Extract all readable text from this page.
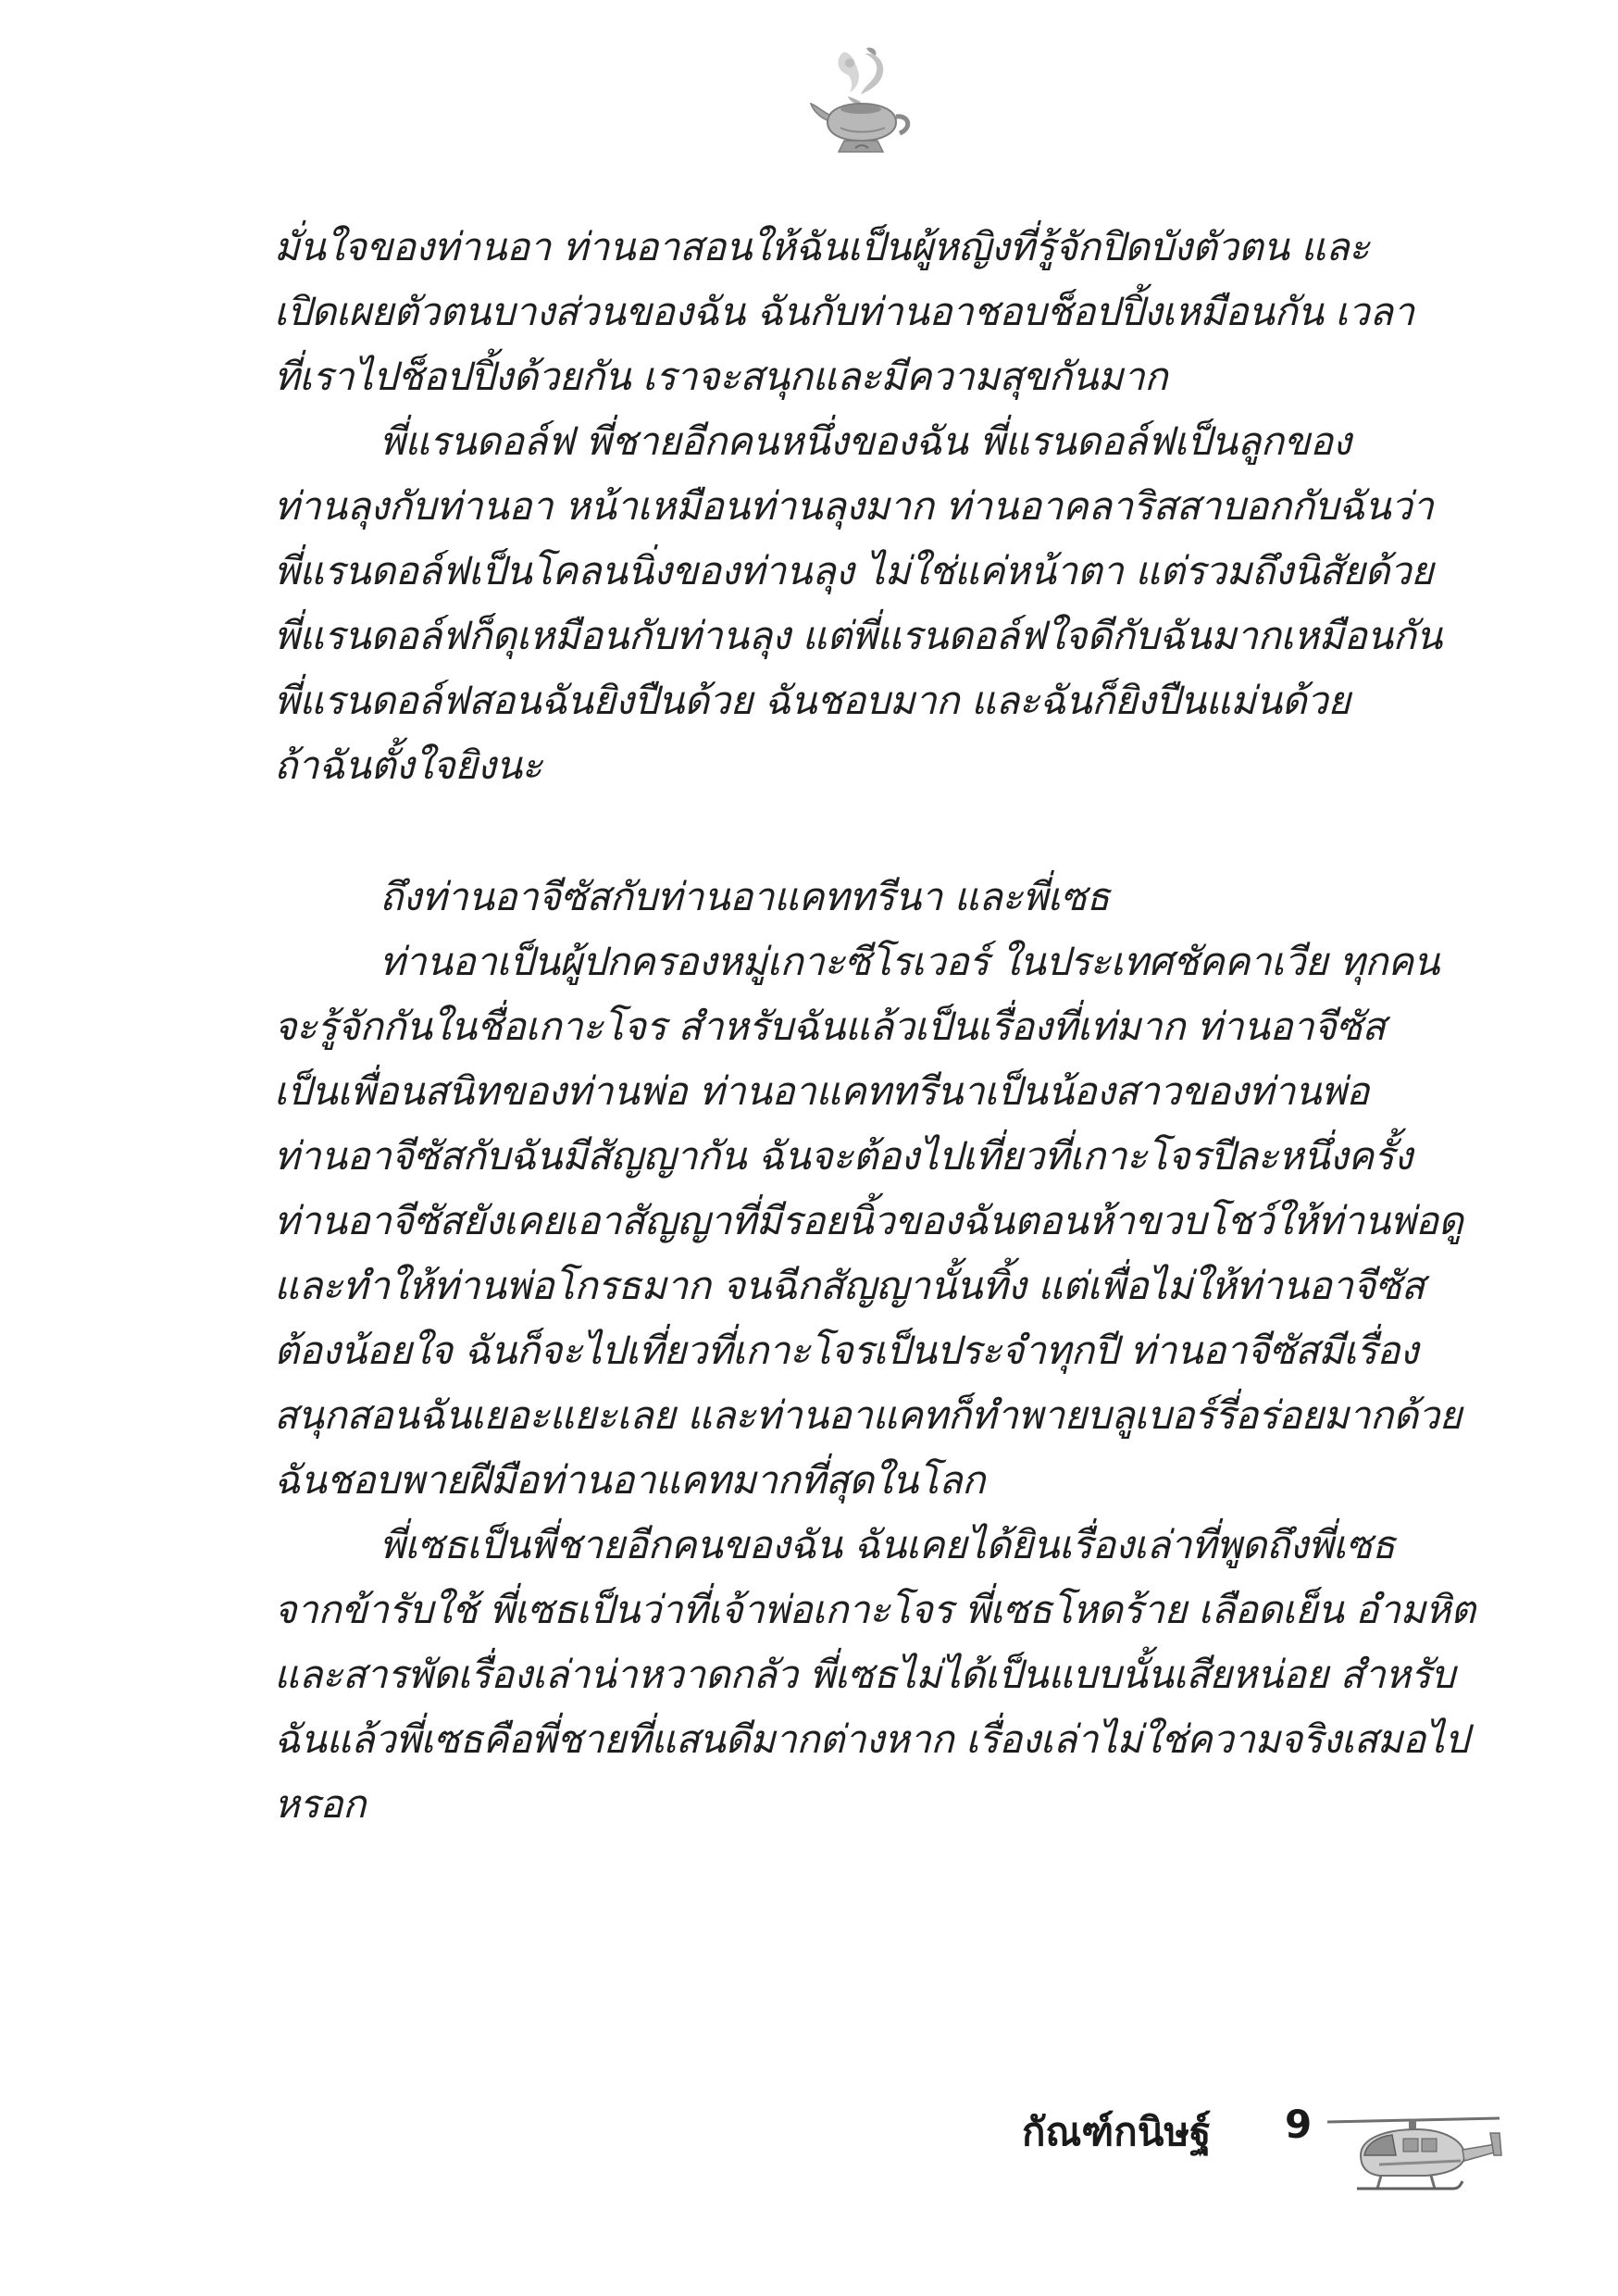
มั่นใจของท่านอา ท่านอาสอนให้ฉันเป็นผู้หญิงที่รู้จักปิดบังตัวตน และ
เปิดเผยตัวตนบางส่วนของฉัน ฉันกับท่านอาชอบช็อปปิ้งเหมือนกัน เวลา
ที่เราไปช็อปปิ้งด้วยกัน เราจะสนุกและมีความสุขกันมาก
พี่แรนดอล์ฟ พี่ชายอีกคนหนึ่งของฉัน พี่แรนดอล์ฟเป็นลูกของ
ท่านลุงกับท่านอา หน้าเหมือนท่านลุงมาก ท่านอาคลาริสสาบอกกับฉันว่า
พี่แรนดอล์ฟเป็นโคลนนิ่งของท่านลุง ไม่ใช่แค่หน้าตา แต่รวมถึงนิสัยด้วย
พี่แรนดอล์ฟก็ดุเหมือนกับท่านลุง แต่พี่แรนดอล์ฟใจดีกับฉันมากเหมือนกัน
พี่แรนดอล์ฟสอนฉันยิงปืนด้วย ฉันชอบมาก และฉันก็ยิงปืนแม่นด้วย
ถ้าฉันตั้งใจยิงนะ
ถึงท่านอาจีซัสกับท่านอาแคททรีนา และพี่เซธ
ท่านอาเป็นผู้ปกครองหมู่เกาะซีโรเวอร์ ในประเทศชัคคาเวีย ทุกคน
จะรู้จักกันในชื่อเกาะโจร สำหรับฉันแล้วเป็นเรื่องที่เท่มาก ท่านอาจีซัส
เป็นเพื่อนสนิทของท่านพ่อ ท่านอาแคททรีนาเป็นน้องสาวของท่านพ่อ
ท่านอาจีซัสกับฉันมีสัญญากัน ฉันจะต้องไปเที่ยวที่เกาะโจรปีละหนึ่งครั้ง
ท่านอาจีซัสยังเคยเอาสัญญาที่มีรอยนิ้วของฉันตอนห้าขวบโชว์ให้ท่านพ่อดู
และทำให้ท่านพ่อโกรธมาก จนฉีกสัญญานั้นทิ้ง แต่เพื่อไม่ให้ท่านอาจีซัส
ต้องน้อยใจ ฉันก็จะไปเที่ยวที่เกาะโจรเป็นประจำทุกปี ท่านอาจีซัสมีเรื่อง
สนุกสอนฉันเยอะแยะเลย และท่านอาแคทก็ทำพายบลูเบอร์รี่อร่อยมากด้วย
ฉันชอบพายฝีมือท่านอาแคทมากที่สุดในโลก
พี่เซธเป็นพี่ชายอีกคนของฉัน ฉันเคยได้ยินเรื่องเล่าที่พูดถึงพี่เซธ
จากข้ารับใช้ พี่เซธเป็นว่าที่เจ้าพ่อเกาะโจร พี่เซธโหดร้าย เลือดเย็น อำมหิต
และสารพัดเรื่องเล่าน่าหวาดกลัว พี่เซธไม่ได้เป็นแบบนั้นเสียหน่อย สำหรับ
ฉันแล้วพี่เซธคือพี่ชายที่แสนดีมากต่างหาก เรื่องเล่าไม่ใช่ความจริงเสมอไป
หรอก
กัณฑ์กนิษฐ์ 9
